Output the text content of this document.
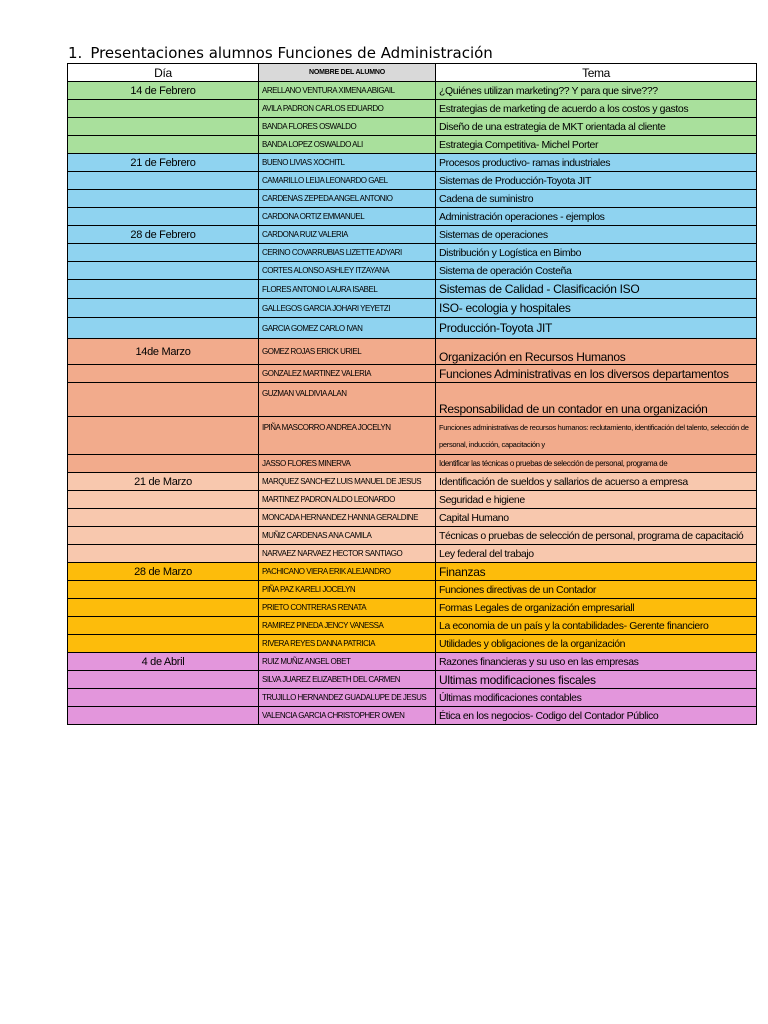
1. Presentaciones alumnos Funciones de Administración
Día	NOMBRE DEL ALUMNO	Tema
14 de Febrero	ARELLANO VENTURA XIMENA ABIGAIL	¿Quiénes utilizan marketing?? Y para que sirve???
	AVILA PADRON CARLOS EDUARDO	Estrategias de marketing de acuerdo a los costos y gastos
	BANDA FLORES OSWALDO	Diseño de una estrategia de MKT orientada al cliente
	BANDA LOPEZ OSWALDO ALI	Estrategia Competitiva- Michel Porter
21 de Febrero	BUENO LIVIAS XOCHITL	Procesos productivo- ramas industriales
	CAMARILLO LEIJA LEONARDO GAEL	Sistemas de Producción-Toyota JIT
	CARDENAS ZEPEDA ANGEL ANTONIO	Cadena de suministro
	CARDONA ORTIZ EMMANUEL	Administración operaciones - ejemplos
28 de Febrero	CARDONA RUIZ VALERIA	Sistemas de operaciones
	CERINO COVARRUBIAS LIZETTE ADYARI	Distribución y Logística en Bimbo
	CORTES ALONSO ASHLEY ITZAYANA	Sistema de operación Costeña
	FLORES ANTONIO LAURA ISABEL	Sistemas de Calidad - Clasificación ISO
	GALLEGOS GARCIA JOHARI YEYETZI	ISO- ecologia y hospitales
	GARCIA GOMEZ CARLO IVAN	Producción-Toyota JIT
14de Marzo	GOMEZ ROJAS ERICK URIEL	Organización en Recursos Humanos
	GONZALEZ MARTINEZ VALERIA	Funciones Administrativas en los diversos departamentos
	GUZMAN VALDIVIA ALAN	Responsabilidad de un contador en una organización
	IPIÑA MASCORRO ANDREA JOCELYN	Funciones administrativas de recursos humanos: reclutamiento, identificación del talento, selección de personal, inducción, capacitación y
	JASSO FLORES MINERVA	Identificar las técnicas o pruebas de selección de personal, programa de
21 de Marzo	MARQUEZ SANCHEZ LUIS MANUEL DE JESUS	Identificación de sueldos y sallarios de acuerso a empresa
	MARTINEZ PADRON ALDO LEONARDO	Seguridad e higiene
	MONCADA HERNANDEZ HANNIA GERALDINE	Capital Humano
	MUÑIZ CARDENAS ANA CAMILA	Técnicas o pruebas de selección de personal, programa de capacitació
	NARVAEZ NARVAEZ HECTOR SANTIAGO	Ley federal del trabajo
28 de Marzo	PACHICANO VIERA ERIK ALEJANDRO	Finanzas
	PIÑA PAZ KARELI JOCELYN	Funciones directivas de un Contador
	PRIETO CONTRERAS RENATA	Formas Legales de organización empresariall
	RAMIREZ PINEDA JENCY VANESSA	La economia de un país y la contabilidades- Gerente financiero
	RIVERA REYES DANNA PATRICIA	Utilidades y obligaciones de la organización
4 de Abril	RUIZ MUÑIZ ANGEL OBET	Razones financieras y su uso en las empresas
	SILVA JUAREZ ELIZABETH DEL CARMEN	Ultimas modificaciones fiscales
	TRUJILLO HERNANDEZ GUADALUPE DE JESUS	Últimas modificaciones contables
	VALENCIA GARCIA CHRISTOPHER OWEN	Ética en los negocios- Codigo del Contador Público
